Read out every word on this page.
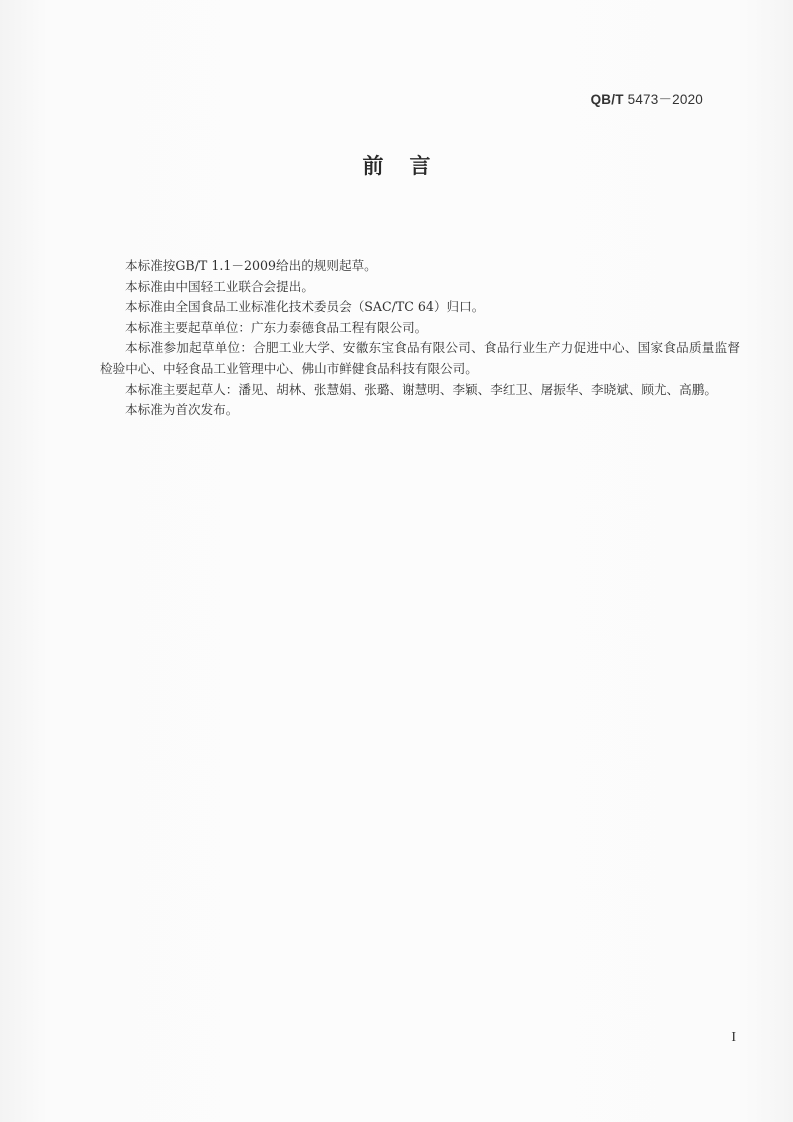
QB/T 5473－2020
前言

本标准按GB/T 1.1－2009给出的规则起草。

本标准由中国轻工业联合会提出。

本标准由全国食品工业标准化技术委员会（SAC/TC 64）归口。

本标准主要起草单位：广东力泰德食品工程有限公司。

本标准参加起草单位：合肥工业大学、安徽东宝食品有限公司、食品行业生产力促进中心、国家食品质量监督检验中心、中轻食品工业管理中心、佛山市鲜健食品科技有限公司。

本标准主要起草人：潘见、胡林、张慧娟、张璐、谢慧明、李颖、李红卫、屠振华、李晓斌、顾尤、高鹏。

本标准为首次发布。

I
